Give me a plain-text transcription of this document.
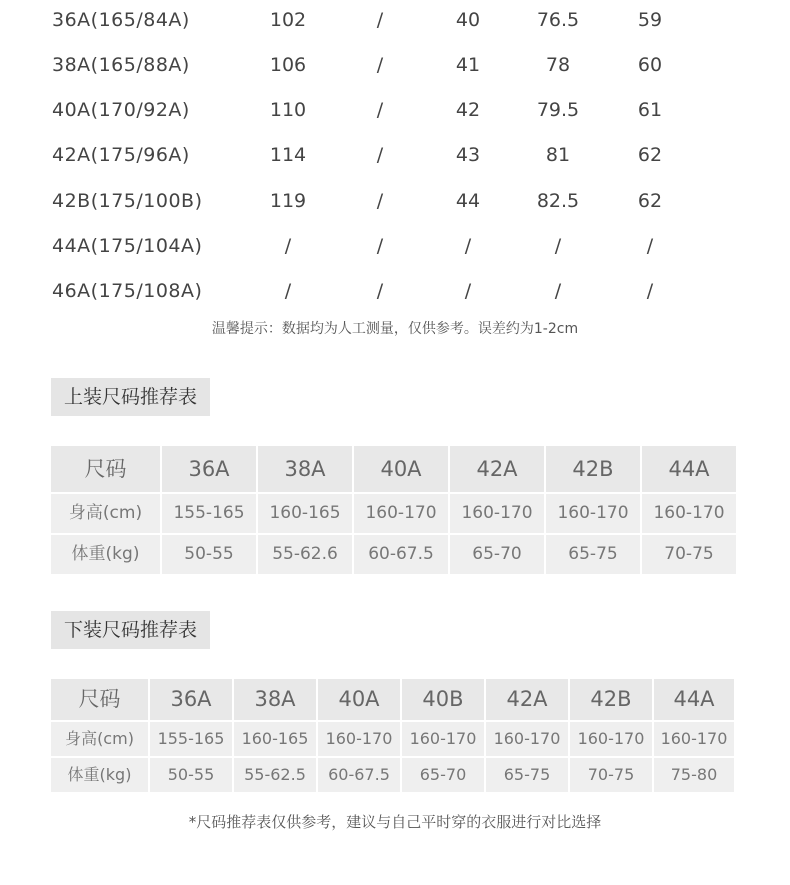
36A(165/84A)	102	/	40	76.5	59
38A(165/88A)	106	/	41	78	60
40A(170/92A)	110	/	42	79.5	61
42A(175/96A)	114	/	43	81	62
42B(175/100B)	119	/	44	82.5	62
44A(175/104A)	/	/	/	/	/
46A(175/108A)	/	/	/	/	/
温馨提示：数据均为人工测量，仅供参考。误差约为1-2cm
上装尺码推荐表
尺码	36A	38A	40A	42A	42B	44A
身高(cm)	155-165	160-165	160-170	160-170	160-170	160-170
体重(kg)	50-55	55-62.6	60-67.5	65-70	65-75	70-75
下装尺码推荐表
尺码	36A	38A	40A	40B	42A	42B	44A
身高(cm)	155-165	160-165	160-170	160-170	160-170	160-170	160-170
体重(kg)	50-55	55-62.5	60-67.5	65-70	65-75	70-75	75-80
*尺码推荐表仅供参考，建议与自己平时穿的衣服进行对比选择
